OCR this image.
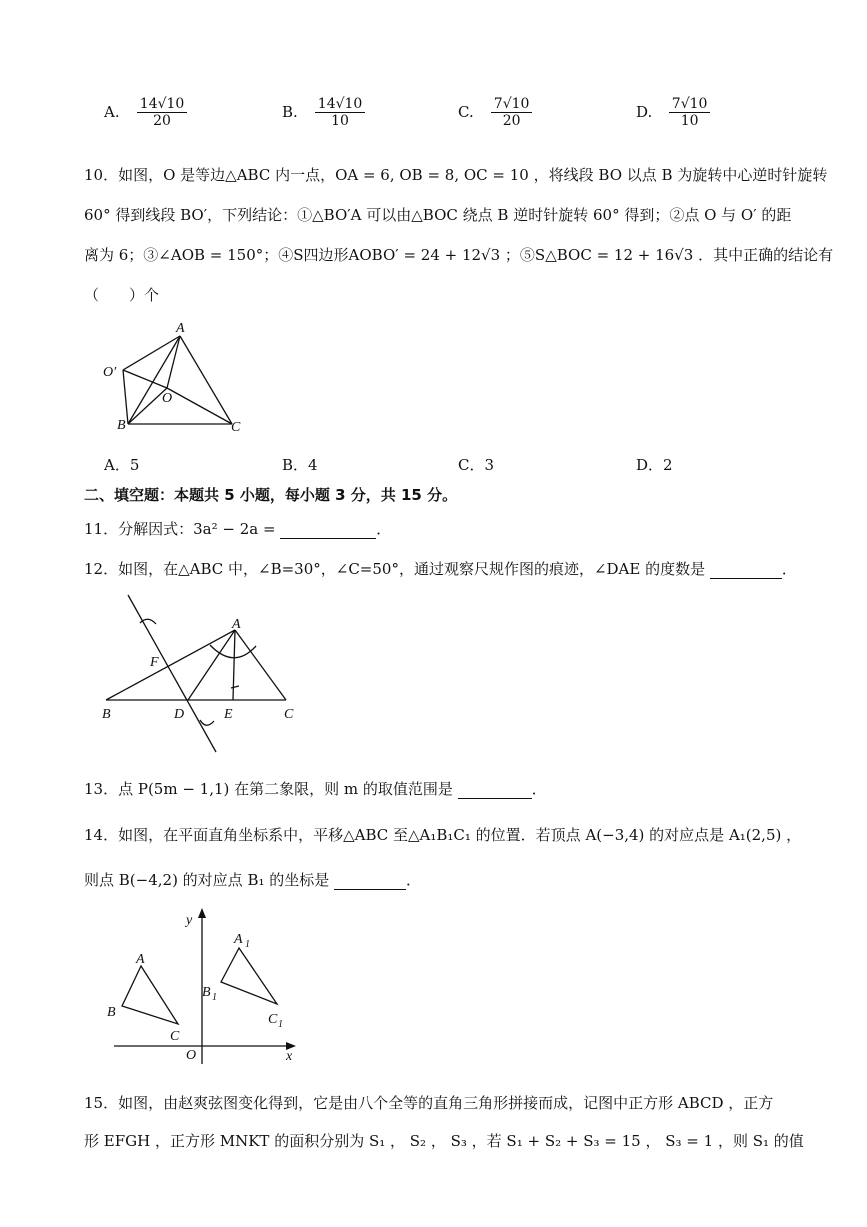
A. $\frac{14√10}{20}$	B. $\frac{14√10}{10}$	C. $\frac{7√10}{20}$	D. $\frac{7√10}{10}$
10．如图，O 是等边△ABC 内一点，OA = 6, OB = 8, OC = 10 ，将线段 BO 以点 B 为旋转中心逆时针旋转
60° 得到线段 BO′，下列结论：①△BO′A 可以由△BOC 绕点 B 逆时针旋转 60° 得到；②点 O 与 O′ 的距
离为 6；③∠AOB = 150°；④S四边形AOBO′ = 24 + 12√3 ；⑤S△BOC = 12 + 16√3 ．其中正确的结论有
（　　）个
A
O′
O
B	C
A．5	B．4	C．3	D．2
二、填空题：本题共 5 小题，每小题 3 分，共 15 分。
11．分解因式：3a² − 2a =	．
12．如图，在△ABC 中，∠B=30°，∠C=50°，通过观察尺规作图的痕迹，∠DAE 的度数是	．
A
F
B	D	E	C
13．点 P(5m − 1,1) 在第二象限，则 m 的取值范围是	．
14．如图，在平面直角坐标系中，平移△ABC 至△A₁B₁C₁ 的位置．若顶点 A(−3,4) 的对应点是 A₁(2,5) ，
则点 B(−4,2) 的对应点 B₁ 的坐标是	．
y
x
O
A
B
C
A 1
B 1
C 1
15．如图，由赵爽弦图变化得到，它是由八个全等的直角三角形拼接而成，记图中正方形 ABCD ，正方
形 EFGH ，正方形 MNKT 的面积分别为 S₁ ， S₂ ， S₃ ，若 S₁ + S₂ + S₃ = 15 ， S₃ = 1 ，则 S₁ 的值
